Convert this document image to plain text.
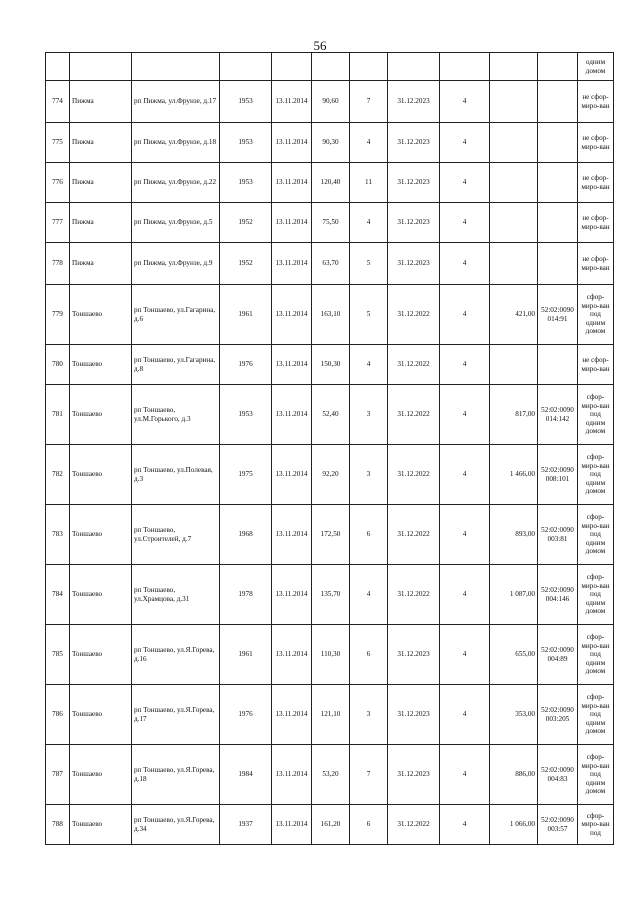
56
											одним домом
774	Пижма	рп Пижма, ул.Фрунзе, д.17	1953	13.11.2014	90,60	7	31.12.2023	4			не сфор-миро-ван
775	Пижма	рп Пижма, ул.Фрунзе, д.18	1953	13.11.2014	90,30	4	31.12.2023	4			не сфор-миро-ван
776	Пижма	рп Пижма, ул.Фрунзе, д.22	1953	13.11.2014	120,40	11	31.12.2023	4			не сфор-миро-ван
777	Пижма	рп Пижма, ул.Фрунзе, д.5	1952	13.11.2014	75,50	4	31.12.2023	4			не сфор-миро-ван
778	Пижма	рп Пижма, ул.Фрунзе, д.9	1952	13.11.2014	63,70	5	31.12.2023	4			не сфор-миро-ван
779	Тоншаево	рп Тоншаево, ул.Гагарина, д.6	1961	13.11.2014	163,10	5	31.12.2022	4	421,00	52:02:0090014:91	сфор-миро-ван под одним домом
780	Тоншаево	рп Тоншаево, ул.Гагарина, д.8	1976	13.11.2014	150,30	4	31.12.2022	4			не сфор-миро-ван
781	Тоншаево	рп Тоншаево, ул.М.Горького, д.3	1953	13.11.2014	52,40	3	31.12.2022	4	817,00	52:02:0090014:142	сфор-миро-ван под одним домом
782	Тоншаево	рп Тоншаево, ул.Полевая, д.3	1975	13.11.2014	92,20	3	31.12.2022	4	1 466,00	52:02:0090008:101	сфор-миро-ван под одним домом
783	Тоншаево	рп Тоншаево, ул.Строителей, д.7	1968	13.11.2014	172,50	6	31.12.2022	4	893,00	52:02:0090003:81	сфор-миро-ван под одним домом
784	Тоншаево	рп Тоншаево, ул.Храмцова, д.31	1978	13.11.2014	135,70	4	31.12.2022	4	1 087,00	52:02:0090004:146	сфор-миро-ван под одним домом
785	Тоншаево	рп Тоншаево, ул.Я.Горева, д.16	1961	13.11.2014	110,30	6	31.12.2023	4	655,00	52:02:0090004:89	сфор-миро-ван под одним домом
786	Тоншаево	рп Тоншаево, ул.Я.Горева, д.17	1976	13.11.2014	121,10	3	31.12.2023	4	353,00	52:02:0090003:205	сфор-миро-ван под одним домом
787	Тоншаево	рп Тоншаево, ул.Я.Горева, д.18	1984	13.11.2014	53,20	7	31.12.2023	4	886,00	52:02:0090004:83	сфор-миро-ван под одним домом
788	Тоншаево	рп Тоншаево, ул.Я.Горева, д.34	1937	13.11.2014	161,20	6	31.12.2022	4	1 066,00	52:02:0090003:57	сфор-миро-ван под
